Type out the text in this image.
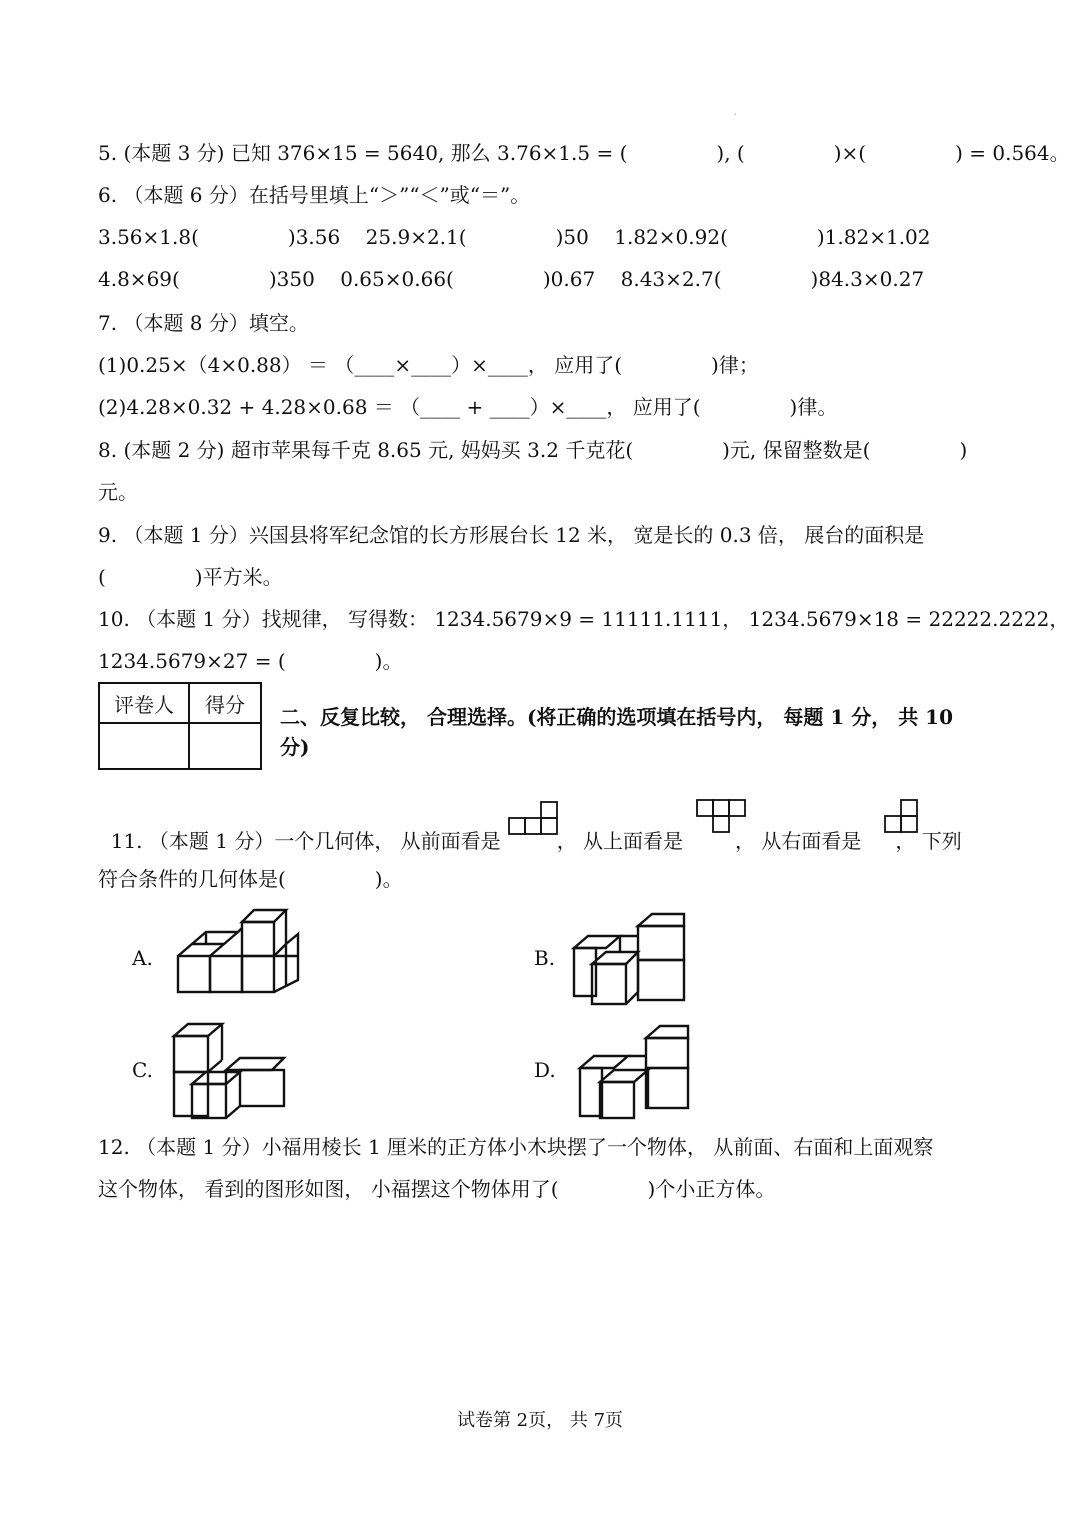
'
5. (本题 3 分) 已知 376×15 = 5640, 那么 3.76×1.5 = (              ), (              )×(              ) = 0.564。
6. （本题 6 分）在括号里填上“＞”“＜”或“＝”。
3.56×1.8(              )3.56    25.9×2.1(              )50    1.82×0.92(              )1.82×1.02
4.8×69(              )350    0.65×0.66(              )0.67    8.43×2.7(              )84.3×0.27
7. （本题 8 分）填空。
(1)0.25×（4×0.88） ＝ （____×____）×____， 应用了(              )律；
(2)4.28×0.32 + 4.28×0.68 ＝ （____ + ____）×____， 应用了(              )律。
8. (本题 2 分) 超市苹果每千克 8.65 元, 妈妈买 3.2 千克花(              )元, 保留整数是(              )
元。
9. （本题 1 分）兴国县将军纪念馆的长方形展台长 12 米， 宽是长的 0.3 倍， 展台的面积是
(              )平方米。
10. （本题 1 分）找规律， 写得数： 1234.5679×9 = 11111.1111， 1234.5679×18 = 22222.2222，
1234.5679×27 = (              )。
评卷人	得分

二、反复比较， 合理选择。(将正确的选项填在括号内， 每题 1 分， 共 10
分)

11. （本题 1 分）一个几何体， 从前面看是	， 从上面看是	， 从右面看是 ， 下列

符合条件的几何体是(              )。
A.	B.
C.	D.
12. （本题 1 分）小福用棱长 1 厘米的正方体小木块摆了一个物体， 从前面、右面和上面观察
这个物体， 看到的图形如图， 小福摆这个物体用了(              )个小正方体。
试卷第 2页， 共 7页
